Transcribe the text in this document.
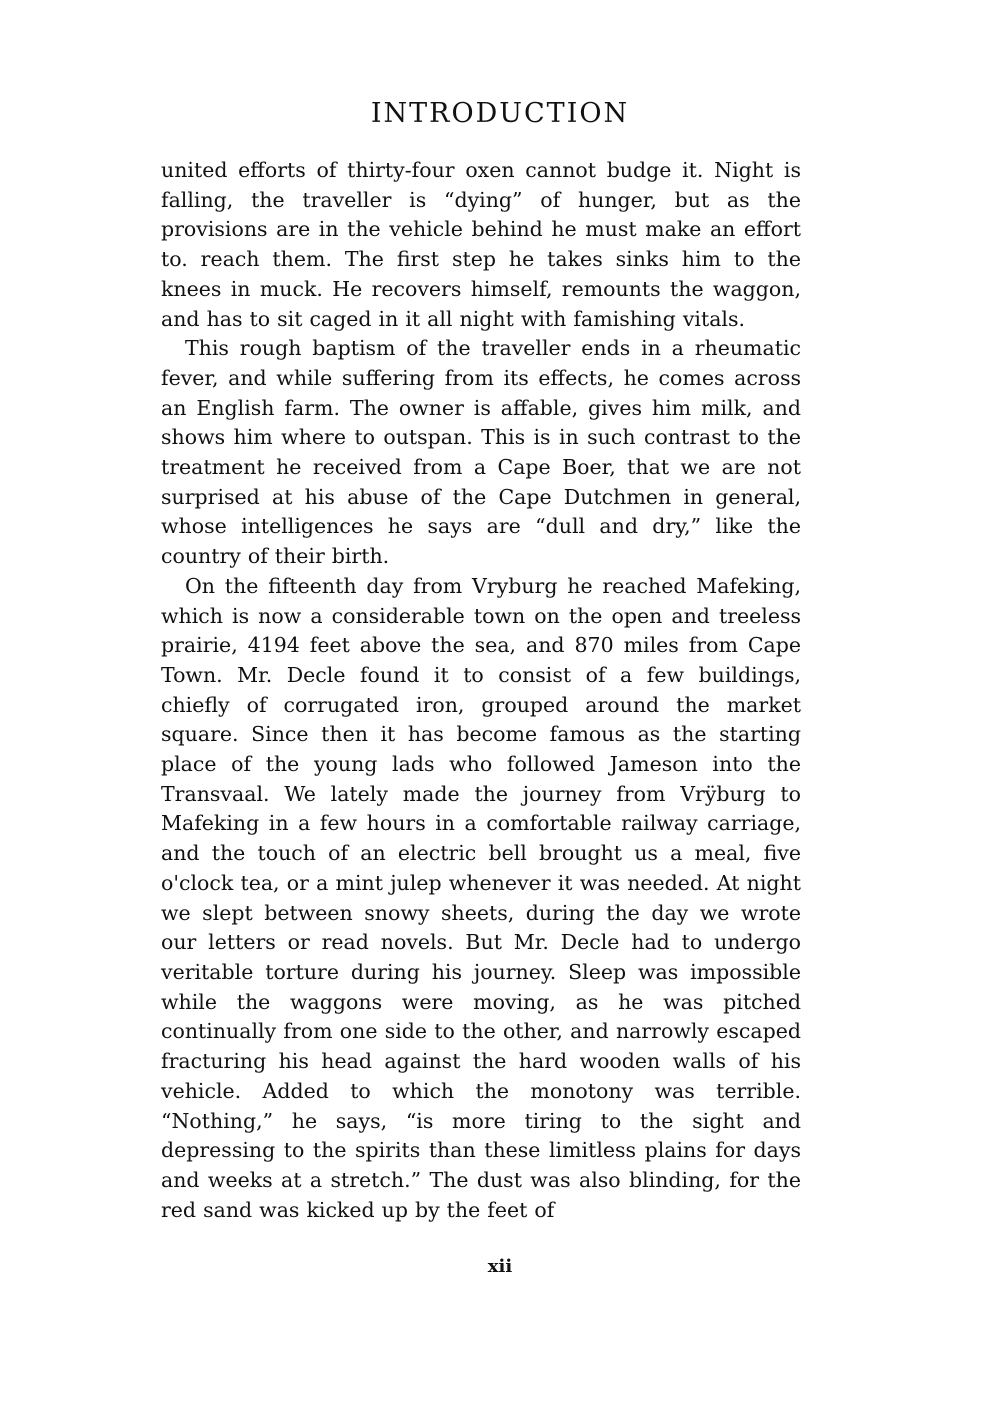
INTRODUCTION

united efforts of thirty-four oxen cannot budge it. Night is falling, the traveller is “dying” of hunger, but as the provisions are in the vehicle behind he must make an effort to. reach them. The first step he takes sinks him to the knees in muck. He recovers himself, remounts the waggon, and has to sit caged in it all night with famishing vitals.

This rough baptism of the traveller ends in a rheumatic fever, and while suffering from its effects, he comes across an English farm. The owner is affable, gives him milk, and shows him where to outspan. This is in such contrast to the treatment he received from a Cape Boer, that we are not surprised at his abuse of the Cape Dutchmen in general, whose intelligences he says are “dull and dry,” like the country of their birth.

On the fifteenth day from Vryburg he reached Mafeking, which is now a considerable town on the open and treeless prairie, 4194 feet above the sea, and 870 miles from Cape Town. Mr. Decle found it to consist of a few buildings, chiefly of corrugated iron, grouped around the market square. Since then it has become famous as the starting place of the young lads who followed Jameson into the Transvaal. We lately made the journey from Vrÿburg to Mafeking in a few hours in a comfortable railway carriage, and the touch of an electric bell brought us a meal, five o'clock tea, or a mint julep whenever it was needed. At night we slept between snowy sheets, during the day we wrote our letters or read novels. But Mr. Decle had to undergo veritable torture during his journey. Sleep was impossible while the waggons were moving, as he was pitched continually from one side to the other, and narrowly escaped fracturing his head against the hard wooden walls of his vehicle. Added to which the monotony was terrible. “Nothing,” he says, “is more tiring to the sight and depressing to the spirits than these limitless plains for days and weeks at a stretch.” The dust was also blinding, for the red sand was kicked up by the feet of

xii
